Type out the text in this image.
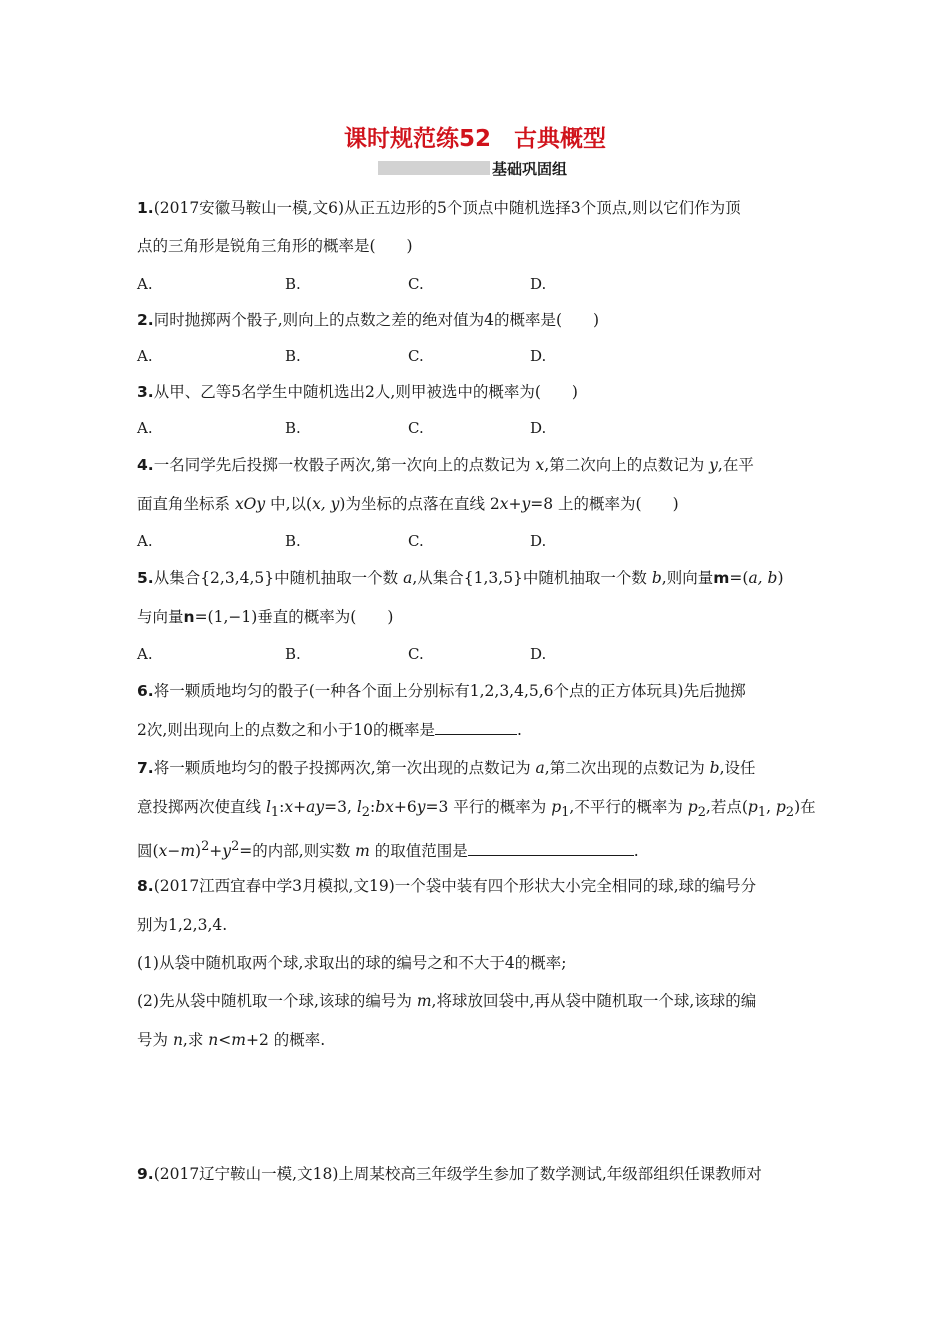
课时规范练52　古典概型
基础巩固组
1.(2017安徽马鞍山一模,文6)从正五边形的5个顶点中随机选择3个顶点,则以它们作为顶
点的三角形是锐角三角形的概率是(　　)
A.	B.	C.	D.
2.同时抛掷两个骰子,则向上的点数之差的绝对值为4的概率是(　　)
A.	B.	C.	D.
3.从甲、乙等5名学生中随机选出2人,则甲被选中的概率为(　　)
A.	B.	C.	D.
4.一名同学先后投掷一枚骰子两次,第一次向上的点数记为 x,第二次向上的点数记为 y,在平
面直角坐标系 xOy 中,以(x, y)为坐标的点落在直线 2x+y=8 上的概率为(　　)
A.	B.	C.	D.
5.从集合{2,3,4,5}中随机抽取一个数 a,从集合{1,3,5}中随机抽取一个数 b,则向量m=(a, b)
与向量n=(1,−1)垂直的概率为(　　)
A.	B.	C.	D.
6.将一颗质地均匀的骰子(一种各个面上分别标有1,2,3,4,5,6个点的正方体玩具)先后抛掷
2次,则出现向上的点数之和小于10的概率是	.
7.将一颗质地均匀的骰子投掷两次,第一次出现的点数记为 a,第二次出现的点数记为 b,设任
意投掷两次使直线 $l_1:x+ay=3$, $l_2:bx+6y=3$ 平行的概率为 $p_1$,不平行的概率为 $p_2$,若点($p_1$, $p_2$)在
圆$(x-m)^2+y^2=$的内部,则实数 m 的取值范围是	.
8.(2017江西宜春中学3月模拟,文19)一个袋中装有四个形状大小完全相同的球,球的编号分
别为1,2,3,4.
(1)从袋中随机取两个球,求取出的球的编号之和不大于4的概率;
(2)先从袋中随机取一个球,该球的编号为 m,将球放回袋中,再从袋中随机取一个球,该球的编
号为 n,求 n<m+2 的概率.
9.(2017辽宁鞍山一模,文18)上周某校高三年级学生参加了数学测试,年级部组织任课教师对
